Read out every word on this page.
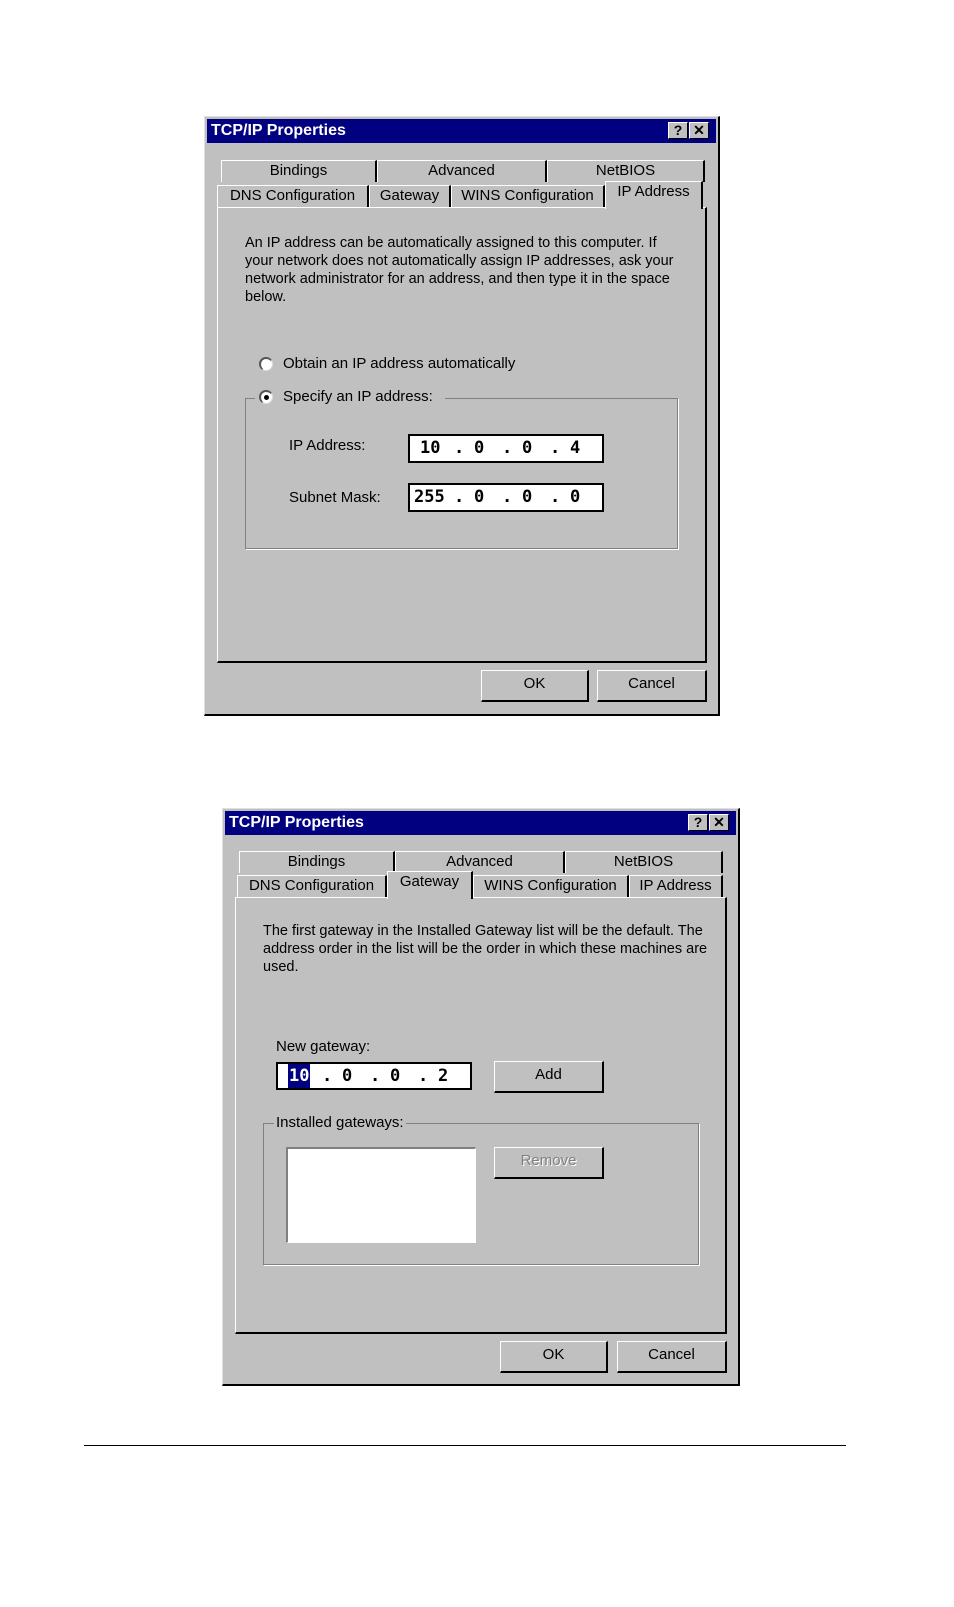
TCP/IP Properties	? ✕
Bindings	Advanced	NetBIOS
DNS Configuration	Gateway	WINS Configuration	IP Address
An IP address can be automatically assigned to this computer. If your network does not automatically assign IP addresses, ask your network administrator for an address, and then type it in the space below.
Obtain an IP address automatically
Specify an IP address:
IP Address:	10 . 0 . 0 . 4
Subnet Mask: 255 . 0 . 0 . 0
OK	Cancel
TCP/IP Properties	? ✕
Bindings	Advanced	NetBIOS
DNS Configuration	Gateway	WINS Configuration	IP Address
The first gateway in the Installed Gateway list will be the default. The address order in the list will be the order in which these machines are used.
New gateway:
10 . 0 . 0 . 2	Add
Installed gateways:
Remove
OK	Cancel
